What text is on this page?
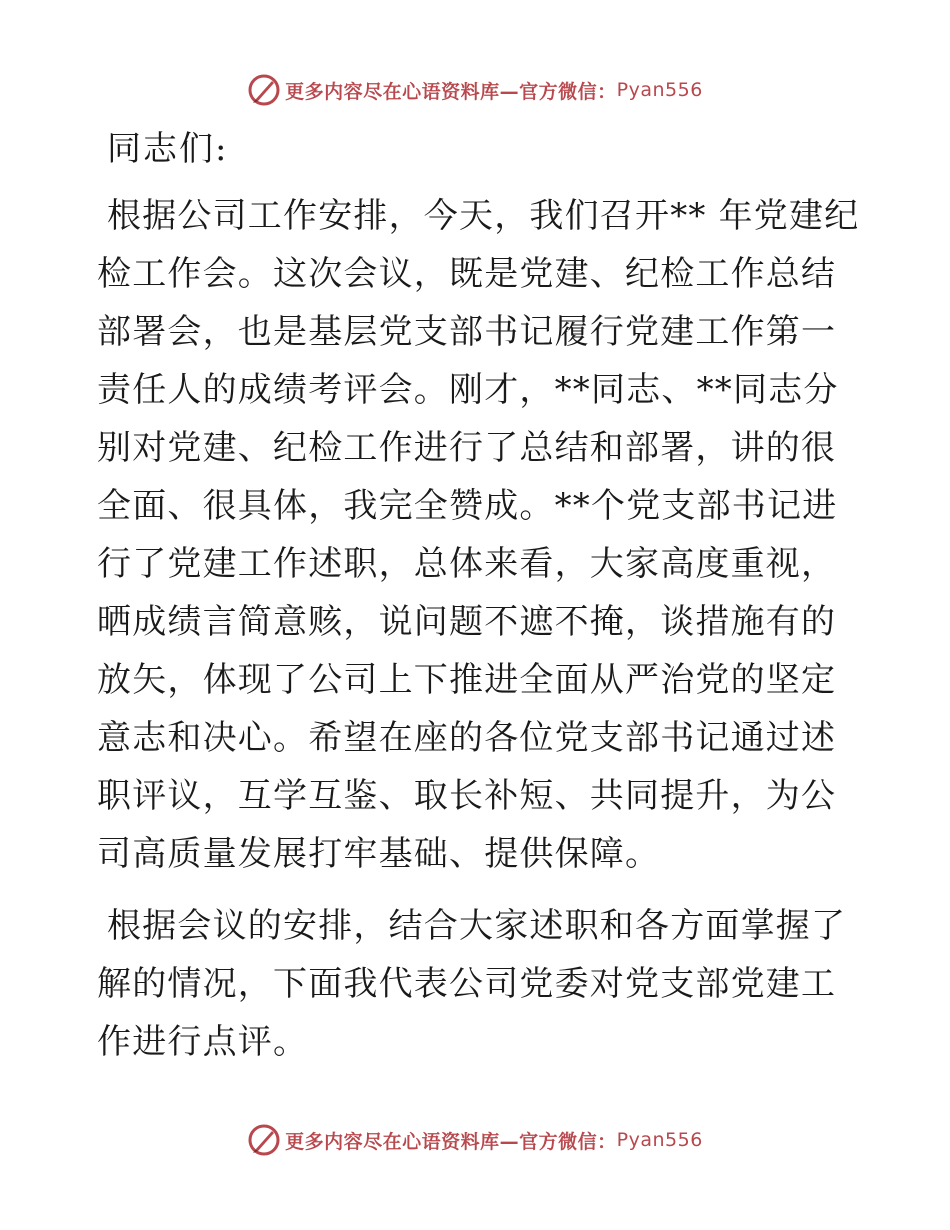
更多内容尽在心语资料库—官方微信： Pyan556
同志们:

根据公司工作安排，今天，我们召开** 年党建纪检工作会。这次会议，既是党建、纪检工作总结部署会，也是基层党支部书记履行党建工作第一责任人的成绩考评会。刚才，**同志、**同志分别对党建、纪检工作进行了总结和部署，讲的很全面、很具体，我完全赞成。**个党支部书记进行了党建工作述职，总体来看，大家高度重视，晒成绩言简意赅，说问题不遮不掩，谈措施有的放矢，体现了公司上下推进全面从严治党的坚定意志和决心。希望在座的各位党支部书记通过述职评议，互学互鉴、取长补短、共同提升，为公司高质量发展打牢基础、提供保障。

根据会议的安排，结合大家述职和各方面掌握了解的情况，下面我代表公司党委对党支部党建工作进行点评。

更多内容尽在心语资料库—官方微信： Pyan556
